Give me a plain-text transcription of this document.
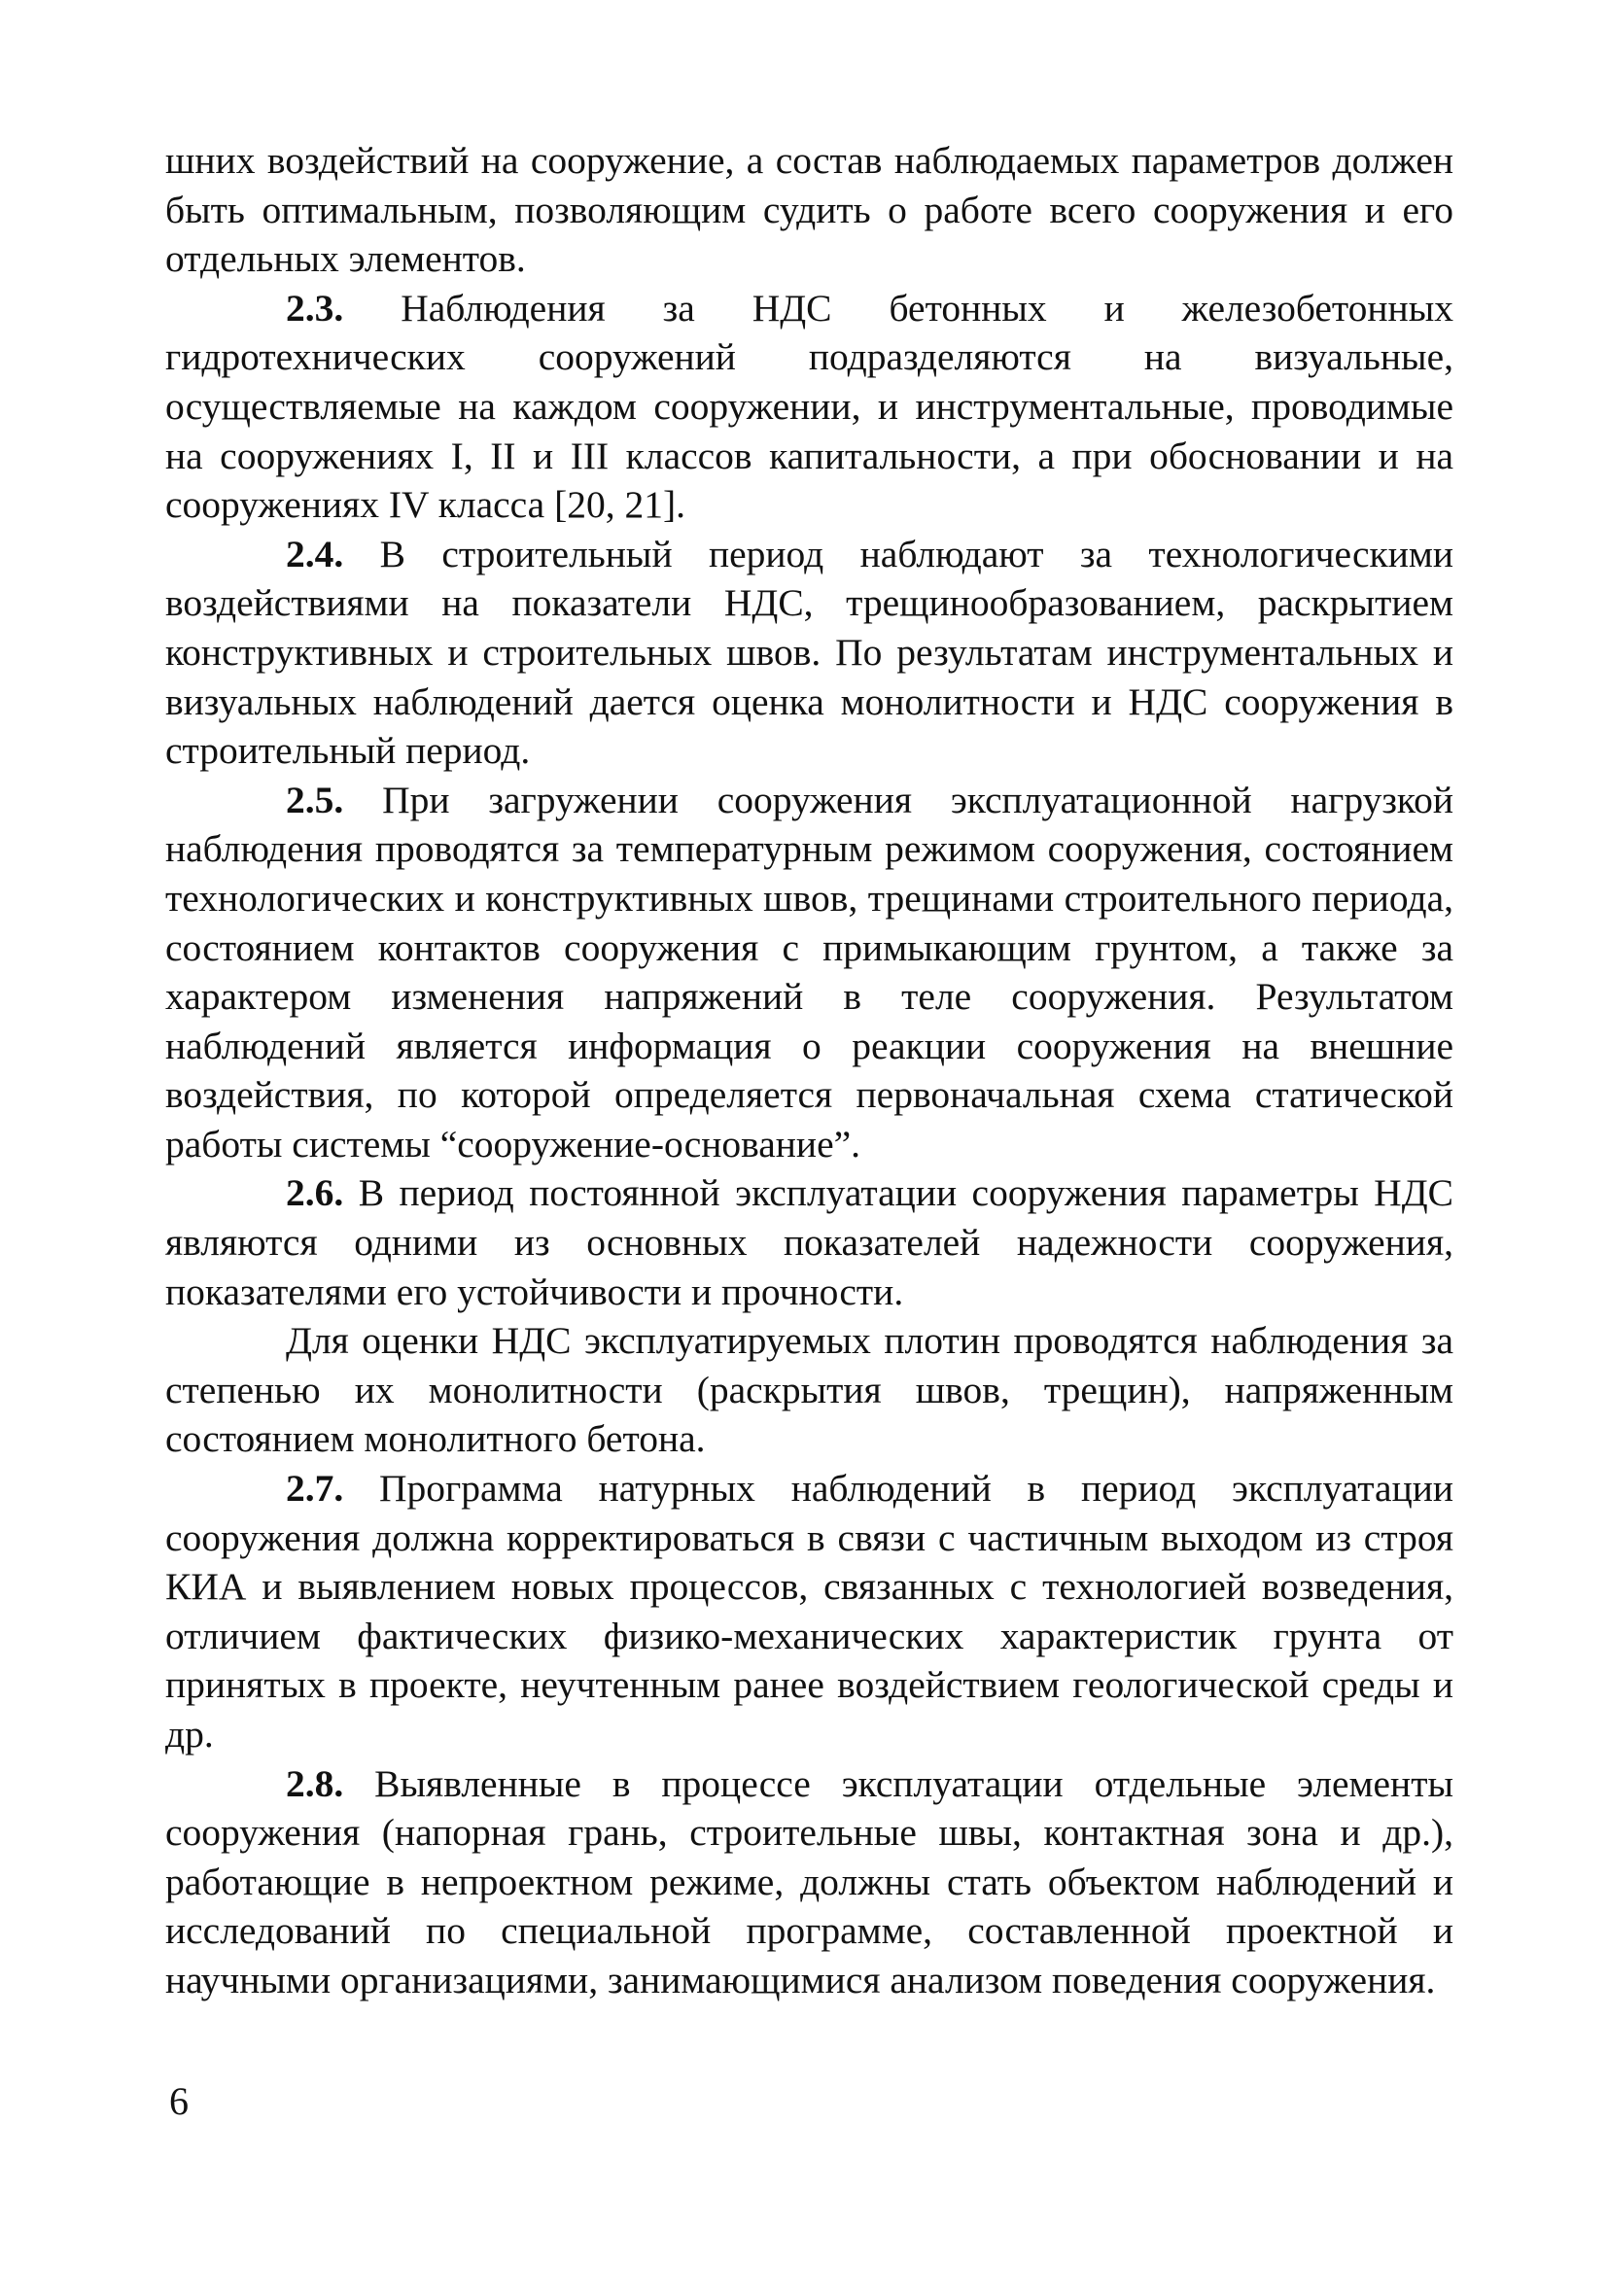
шних воздействий на сооружение, а состав наблюдаемых параметров должен быть оптимальным, позволяющим судить о работе всего сооружения и его отдельных элементов.

2.3. Наблюдения за НДС бетонных и железобетонных гидротехнических сооружений подразделяются на визуальные, осуществляемые на каждом сооружении, и инструментальные, проводимые на сооружениях I, II и III классов капитальности, а при обосновании и на сооружениях IV класса [20, 21].

2.4. В строительный период наблюдают за технологическими воздействиями на показатели НДС, трещинообразованием, раскрытием конструктивных и строительных швов. По результатам инструментальных и визуальных наблюдений дается оценка монолитности и НДС сооружения в строительный период.

2.5. При загружении сооружения эксплуатационной нагрузкой наблюдения проводятся за температурным режимом сооружения, состоянием технологических и конструктивных швов, трещинами строительного периода, состоянием контактов сооружения с примыкающим грунтом, а также за характером изменения напряжений в теле сооружения. Результатом наблюдений является информация о реакции сооружения на внешние воздействия, по которой определяется первоначальная схема статической работы системы “сооружение-основание”.

2.6. В период постоянной эксплуатации сооружения параметры НДС являются одними из основных показателей надежности сооружения, показателями его устойчивости и прочности.

Для оценки НДС эксплуатируемых плотин проводятся наблюдения за степенью их монолитности (раскрытия швов, трещин), напряженным состоянием монолитного бетона.

2.7. Программа натурных наблюдений в период эксплуатации сооружения должна корректироваться в связи с частичным выходом из строя КИА и выявлением новых процессов, связанных с технологией возведения, отличием фактических физико-механических характеристик грунта от принятых в проекте, неучтенным ранее воздействием геологической среды и др.

2.8. Выявленные в процессе эксплуатации отдельные элементы сооружения (напорная грань, строительные швы, контактная зона и др.), работающие в непроектном режиме, должны стать объектом наблюдений и исследований по специальной программе, составленной проектной и научными организациями, занимающимися анализом поведения сооружения.

6
